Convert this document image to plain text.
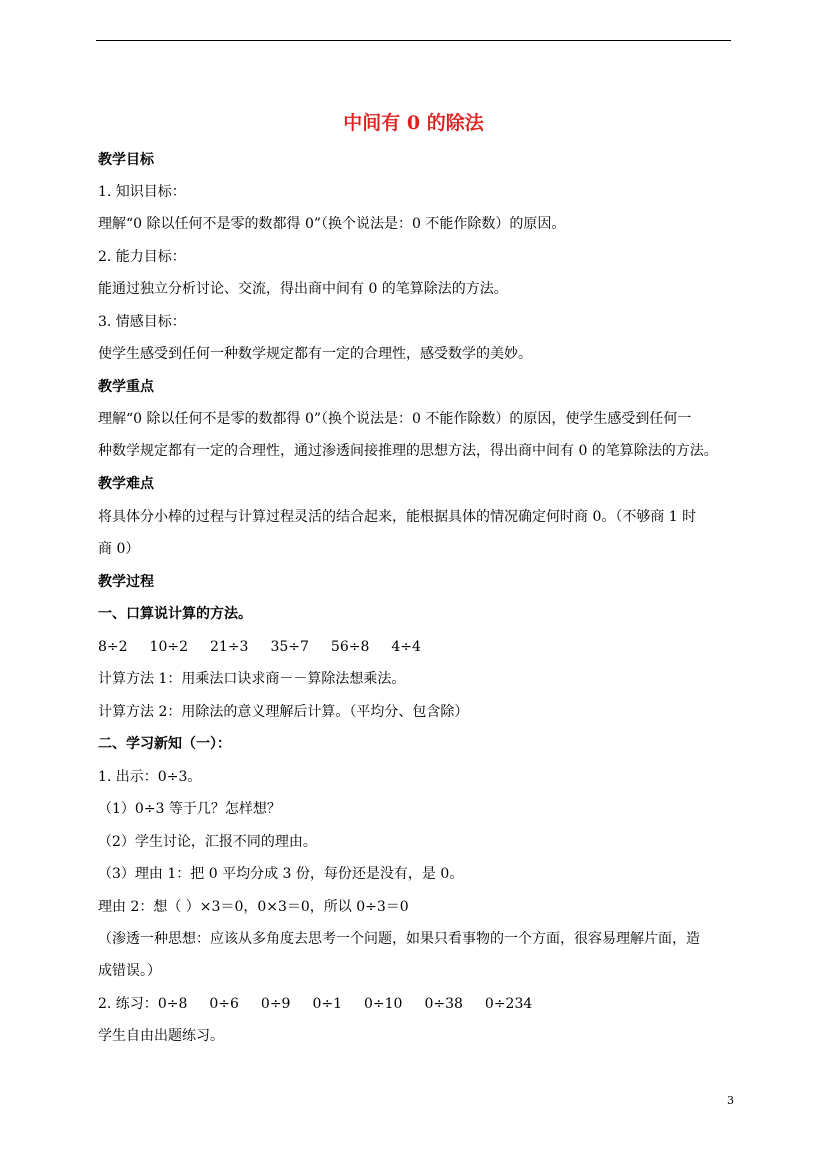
中间有 0 的除法
教学目标
1. 知识目标：
理解“0 除以任何不是零的数都得 0”（换个说法是：0 不能作除数）的原因。
2. 能力目标：
能通过独立分析讨论、交流，得出商中间有 0 的笔算除法的方法。
3. 情感目标：
使学生感受到任何一种数学规定都有一定的合理性，感受数学的美妙。
教学重点
理解“0 除以任何不是零的数都得 0”（换个说法是：0 不能作除数）的原因，使学生感受到任何一
种数学规定都有一定的合理性，通过渗透间接推理的思想方法，得出商中间有 0 的笔算除法的方法。
教学难点
将具体分小棒的过程与计算过程灵活的结合起来，能根据具体的情况确定何时商 0。（不够商 1 时
商 0）
教学过程
一、口算说计算的方法。
8÷2 10÷2 21÷3 35÷7 56÷8 4÷4
计算方法 1：用乘法口诀求商－－算除法想乘法。
计算方法 2：用除法的意义理解后计算。（平均分、包含除）
二、学习新知（一）：
1. 出示：0÷3。
（1）0÷3 等于几？怎样想？
（2）学生讨论，汇报不同的理由。
（3）理由 1：把 0 平均分成 3 份，每份还是没有，是 0。
理由 2：想（ ）×3＝0，0×3＝0，所以 0÷3＝0
（渗透一种思想：应该从多角度去思考一个问题，如果只看事物的一个方面，很容易理解片面，造
成错误。）
2. 练习：0÷8 0÷6 0÷9 0÷1 0÷10 0÷38 0÷234
学生自由出题练习。
3
